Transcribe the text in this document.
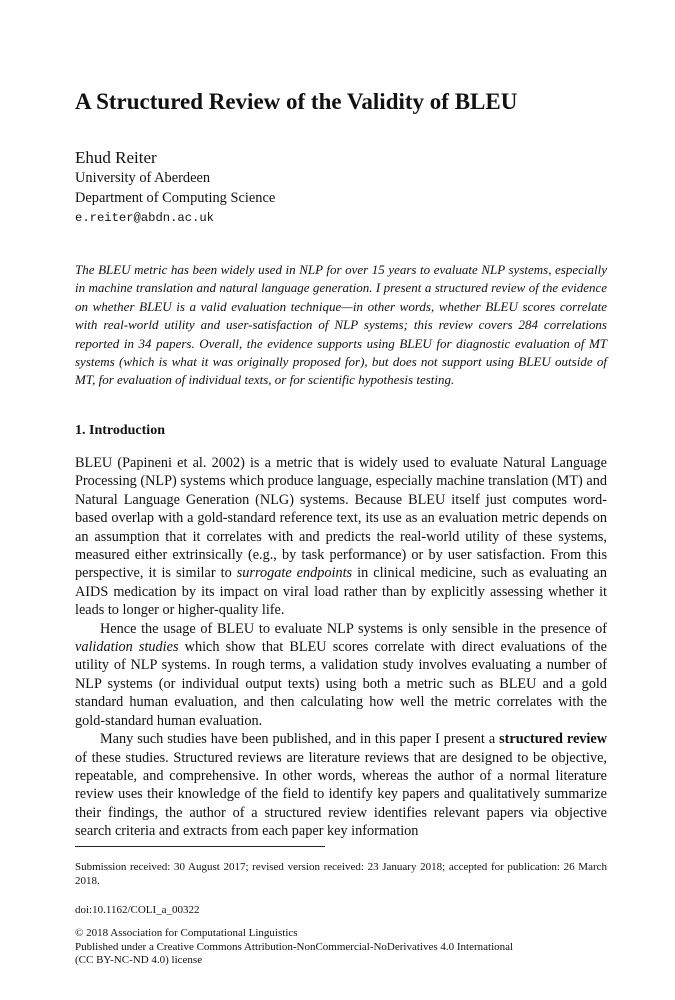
A Structured Review of the Validity of BLEU
Ehud Reiter
University of Aberdeen
Department of Computing Science
e.reiter@abdn.ac.uk

The BLEU metric has been widely used in NLP for over 15 years to evaluate NLP systems, especially in machine translation and natural language generation. I present a structured review of the evidence on whether BLEU is a valid evaluation technique—in other words, whether BLEU scores correlate with real-world utility and user-satisfaction of NLP systems; this review covers 284 correlations reported in 34 papers. Overall, the evidence supports using BLEU for diagnostic evaluation of MT systems (which is what it was originally proposed for), but does not support using BLEU outside of MT, for evaluation of individual texts, or for scientific hypothesis testing.

1. Introduction

BLEU (Papineni et al. 2002) is a metric that is widely used to evaluate Natural Language Processing (NLP) systems which produce language, especially machine translation (MT) and Natural Language Generation (NLG) systems. Because BLEU itself just computes word-based overlap with a gold-standard reference text, its use as an evaluation metric depends on an assumption that it correlates with and predicts the real-world utility of these systems, measured either extrinsically (e.g., by task performance) or by user satisfaction. From this perspective, it is similar to surrogate endpoints in clinical medicine, such as evaluating an AIDS medication by its impact on viral load rather than by explicitly assessing whether it leads to longer or higher-quality life.

Hence the usage of BLEU to evaluate NLP systems is only sensible in the presence of validation studies which show that BLEU scores correlate with direct evaluations of the utility of NLP systems. In rough terms, a validation study involves evaluating a number of NLP systems (or individual output texts) using both a metric such as BLEU and a gold standard human evaluation, and then calculating how well the metric correlates with the gold-standard human evaluation.

Many such studies have been published, and in this paper I present a structured review of these studies. Structured reviews are literature reviews that are designed to be objective, repeatable, and comprehensive. In other words, whereas the author of a normal literature review uses their knowledge of the field to identify key papers and qualitatively summarize their findings, the author of a structured review identifies relevant papers via objective search criteria and extracts from each paper key information

Submission received: 30 August 2017; revised version received: 23 January 2018; accepted for publication: 26 March 2018.

doi:10.1162/COLI_a_00322

© 2018 Association for Computational Linguistics
Published under a Creative Commons Attribution-NonCommercial-NoDerivatives 4.0 International
(CC BY-NC-ND 4.0) license
